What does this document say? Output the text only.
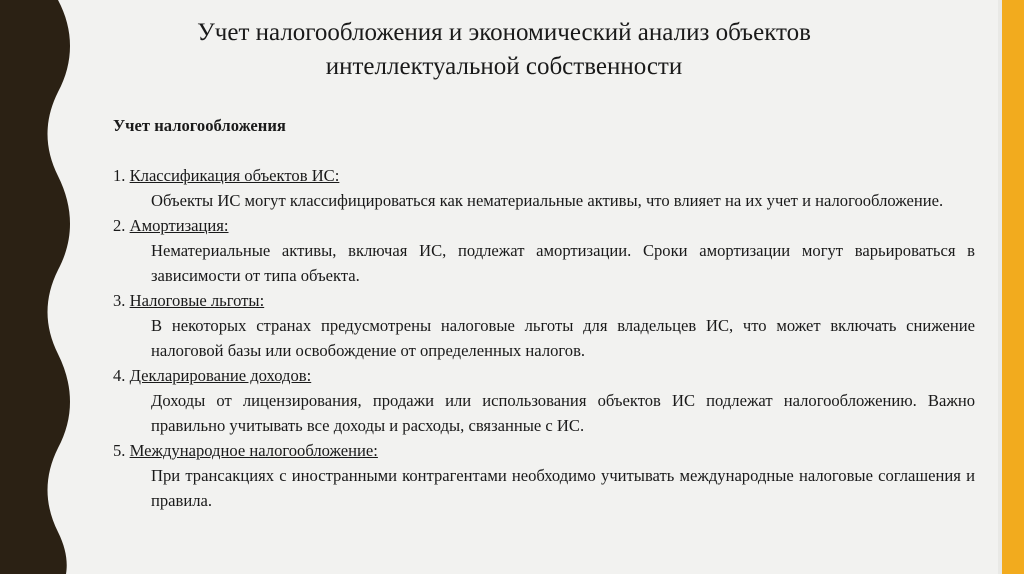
Учет налогообложения и экономический анализ объектов
интеллектуальной собственности
Учет налогообложения
1. Классификация объектов ИС:
Объекты ИС могут классифицироваться как нематериальные активы, что влияет на их учет и налогообложение.
2. Амортизация:
Нематериальные активы, включая ИС, подлежат амортизации. Сроки амортизации могут варьироваться в зависимости от типа объекта.
3. Налоговые льготы:
В некоторых странах предусмотрены налоговые льготы для владельцев ИС, что может включать снижение налоговой базы или освобождение от определенных налогов.
4. Декларирование доходов:
Доходы от лицензирования, продажи или использования объектов ИС подлежат налогообложению. Важно правильно учитывать все доходы и расходы, связанные с ИС.
5. Международное налогообложение:
При трансакциях с иностранными контрагентами необходимо учитывать международные налоговые соглашения и правила.
